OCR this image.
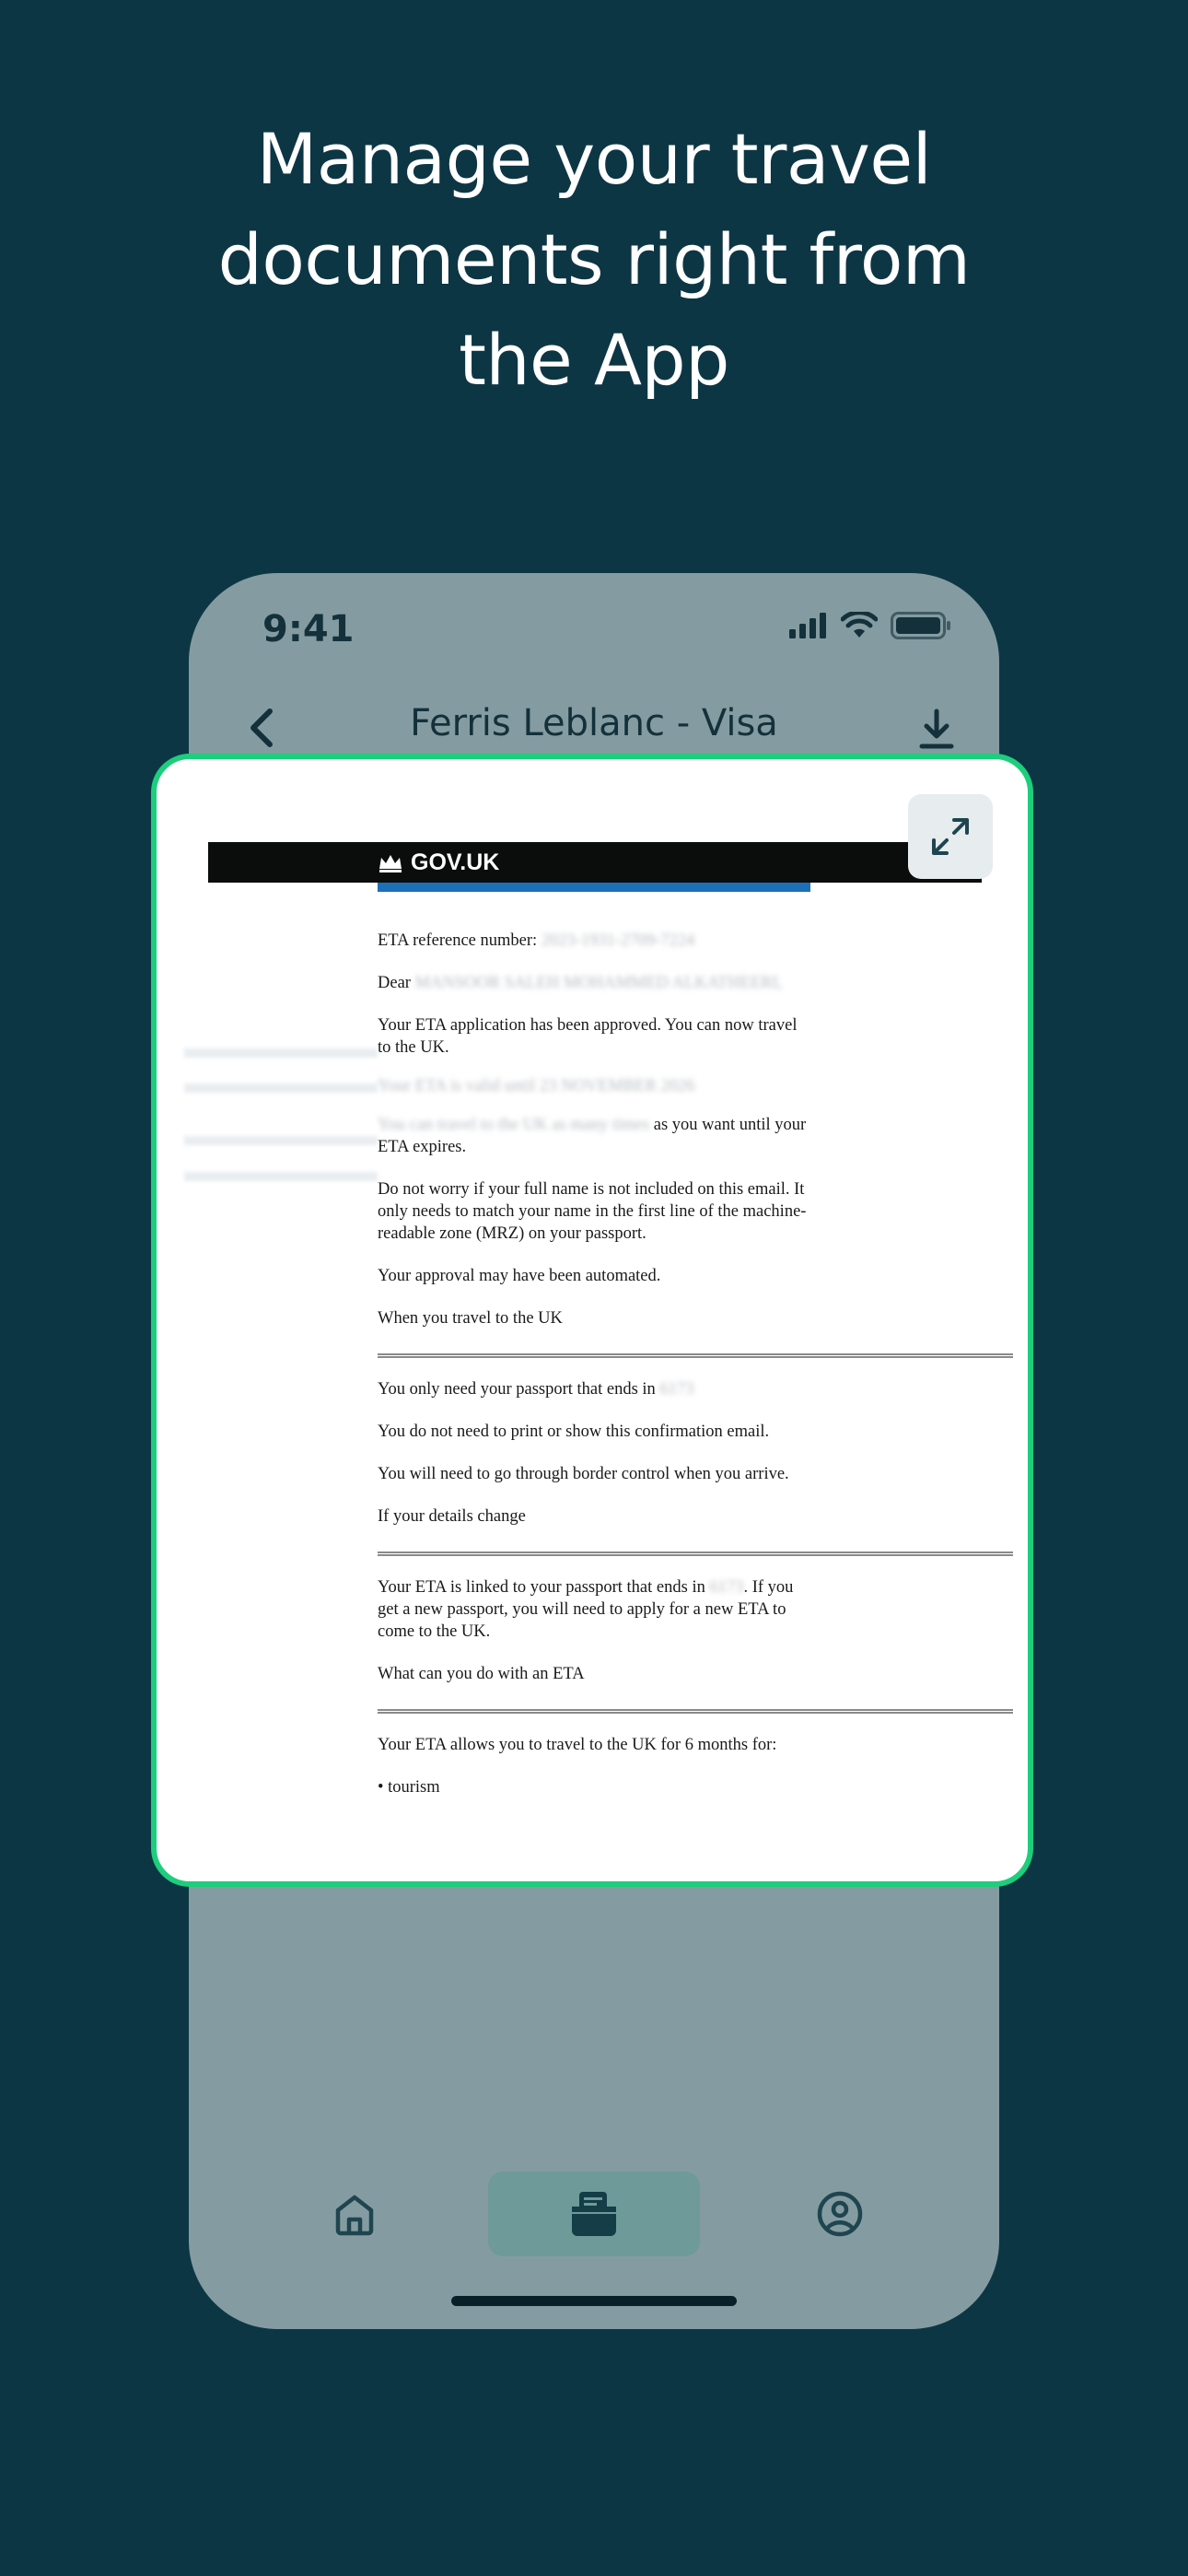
Manage your travel
documents right from
the App
9:41
Ferris Leblanc - Visa
GOV.UK

ETA reference number: 2023-1931-2709-7224

Dear MANSOOR SALEH MOHAMMED ALKATHEERI,

Your ETA application has been approved. You can now travel to the UK.

Your ETA is valid until 23 NOVEMBER 2026

You can travel to the UK as many times as you want until your ETA expires.

Do not worry if your full name is not included on this email. It only needs to match your name in the first line of the machine-readable zone (MRZ) on your passport.

Your approval may have been automated.

When you travel to the UK

You only need your passport that ends in 6173

You do not need to print or show this confirmation email.

You will need to go through border control when you arrive.

If your details change

Your ETA is linked to your passport that ends in 6173. If you get a new passport, you will need to apply for a new ETA to come to the UK.

What can you do with an ETA

Your ETA allows you to travel to the UK for 6 months for:

• tourism
